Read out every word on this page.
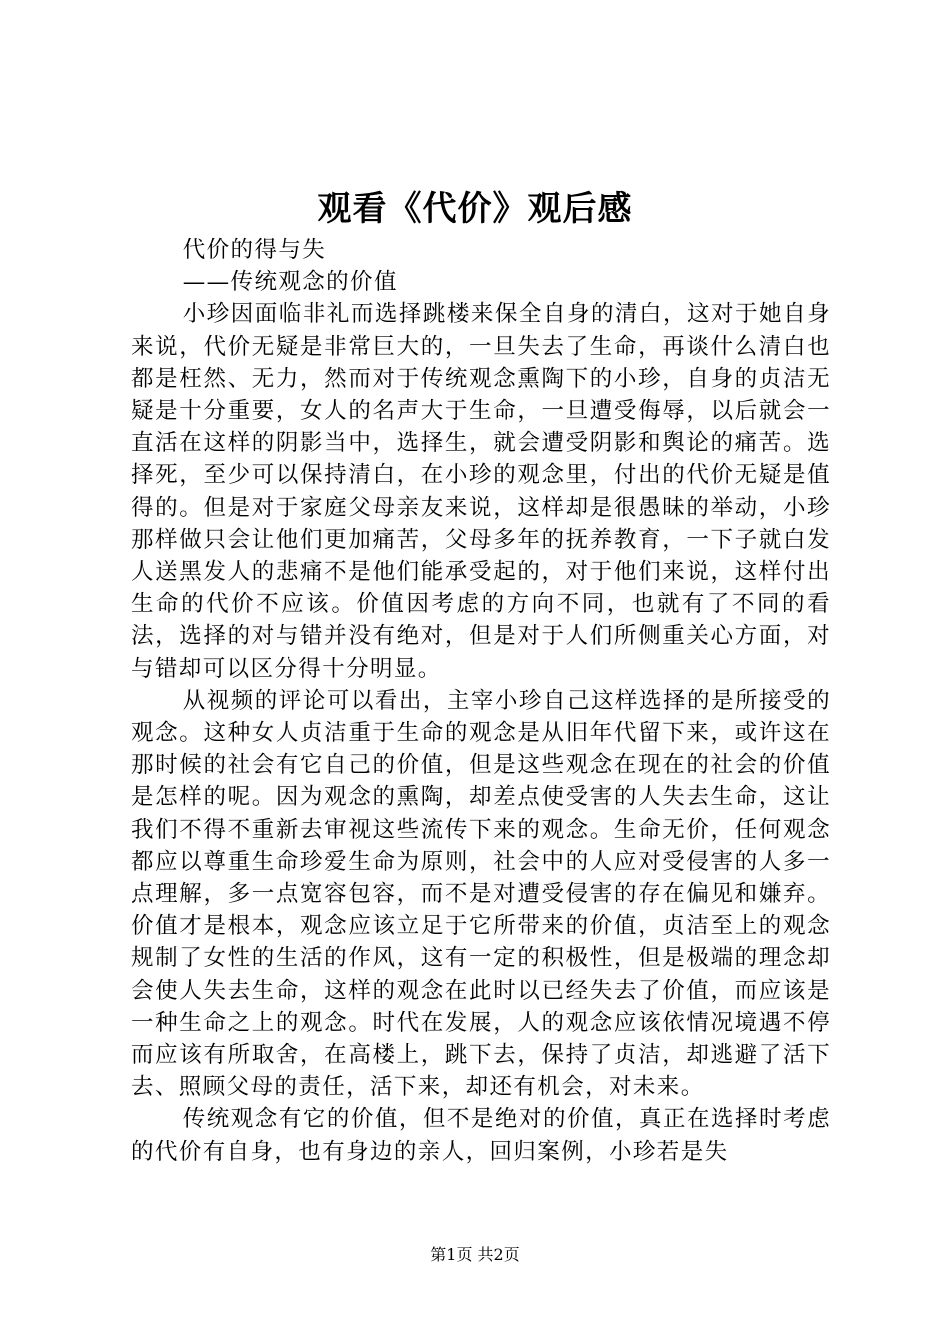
观看《代价》观后感

代价的得与失

——传统观念的价值

小珍因面临非礼而选择跳楼来保全自身的清白，这对于她自身来说，代价无疑是非常巨大的，一旦失去了生命，再谈什么清白也都是枉然、无力，然而对于传统观念熏陶下的小珍，自身的贞洁无疑是十分重要，女人的名声大于生命，一旦遭受侮辱，以后就会一直活在这样的阴影当中，选择生，就会遭受阴影和舆论的痛苦。选择死，至少可以保持清白，在小珍的观念里，付出的代价无疑是值得的。但是对于家庭父母亲友来说，这样却是很愚昧的举动，小珍那样做只会让他们更加痛苦，父母多年的抚养教育，一下子就白发人送黑发人的悲痛不是他们能承受起的，对于他们来说，这样付出生命的代价不应该。价值因考虑的方向不同，也就有了不同的看法，选择的对与错并没有绝对，但是对于人们所侧重关心方面，对与错却可以区分得十分明显。

从视频的评论可以看出，主宰小珍自己这样选择的是所接受的观念。这种女人贞洁重于生命的观念是从旧年代留下来，或许这在那时候的社会有它自己的价值，但是这些观念在现在的社会的价值是怎样的呢。因为观念的熏陶，却差点使受害的人失去生命，这让我们不得不重新去审视这些流传下来的观念。生命无价，任何观念都应以尊重生命珍爱生命为原则，社会中的人应对受侵害的人多一点理解，多一点宽容包容，而不是对遭受侵害的存在偏见和嫌弃。价值才是根本，观念应该立足于它所带来的价值，贞洁至上的观念规制了女性的生活的作风，这有一定的积极性，但是极端的理念却会使人失去生命，这样的观念在此时以已经失去了价值，而应该是一种生命之上的观念。时代在发展，人的观念应该依情况境遇不停而应该有所取舍，在高楼上，跳下去，保持了贞洁，却逃避了活下去、照顾父母的责任，活下来，却还有机会，对未来。

传统观念有它的价值，但不是绝对的价值，真正在选择时考虑的代价有自身，也有身边的亲人，回归案例，小珍若是失

第1页 共2页
